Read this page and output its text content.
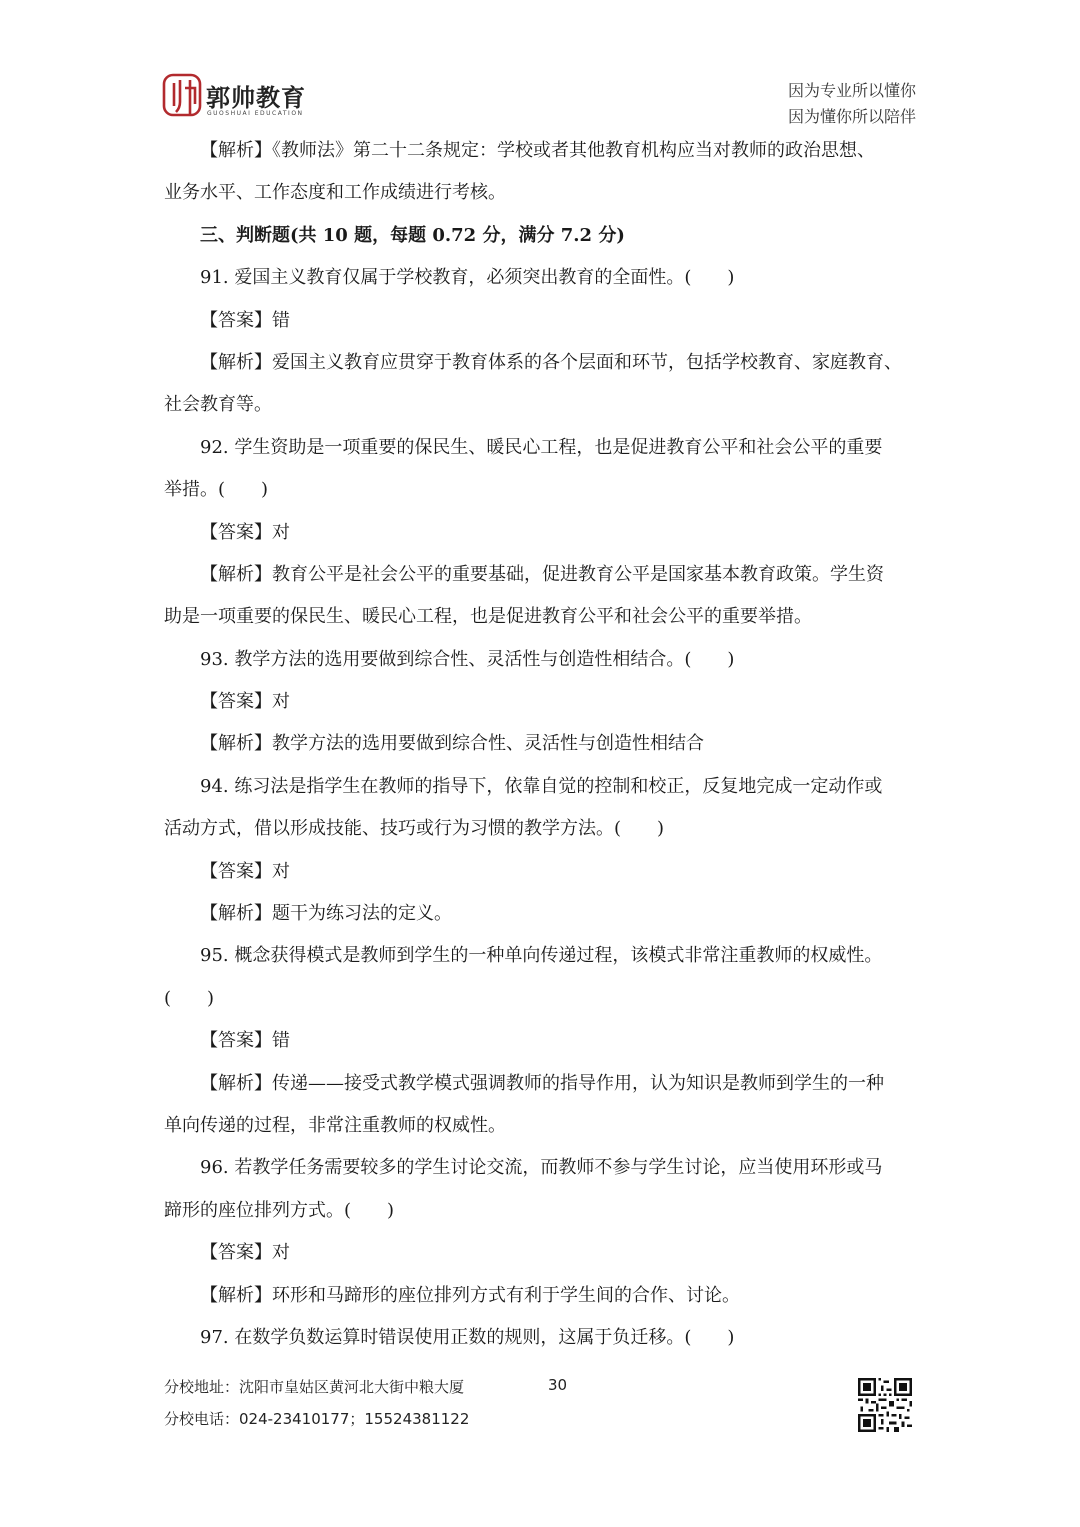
郭帅教育
GUOSHUAI EDUCATION
因为专业所以懂你
因为懂你所以陪伴
【解析】《教师法》第二十二条规定：学校或者其他教育机构应当对教师的政治思想、
业务水平、工作态度和工作成绩进行考核。
三、判断题(共 10 题，每题 0.72 分，满分 7.2 分)
91. 爱国主义教育仅属于学校教育，必须突出教育的全面性。(　　)
【答案】错
【解析】爱国主义教育应贯穿于教育体系的各个层面和环节，包括学校教育、家庭教育、
社会教育等。
92. 学生资助是一项重要的保民生、暖民心工程，也是促进教育公平和社会公平的重要
举措。(　　)
【答案】对
【解析】教育公平是社会公平的重要基础，促进教育公平是国家基本教育政策。学生资
助是一项重要的保民生、暖民心工程，也是促进教育公平和社会公平的重要举措。
93. 教学方法的选用要做到综合性、灵活性与创造性相结合。(　　)
【答案】对
【解析】教学方法的选用要做到综合性、灵活性与创造性相结合
94. 练习法是指学生在教师的指导下，依靠自觉的控制和校正，反复地完成一定动作或
活动方式，借以形成技能、技巧或行为习惯的教学方法。(　　)
【答案】对
【解析】题干为练习法的定义。
95. 概念获得模式是教师到学生的一种单向传递过程，该模式非常注重教师的权威性。
(　　)
【答案】错
【解析】传递——接受式教学模式强调教师的指导作用，认为知识是教师到学生的一种
单向传递的过程，非常注重教师的权威性。
96. 若教学任务需要较多的学生讨论交流，而教师不参与学生讨论，应当使用环形或马
蹄形的座位排列方式。(　　)
【答案】对
【解析】环形和马蹄形的座位排列方式有利于学生间的合作、讨论。
97. 在数学负数运算时错误使用正数的规则，这属于负迁移。(　　)
分校地址：沈阳市皇姑区黄河北大街中粮大厦
分校电话：024-23410177；15524381122
30
